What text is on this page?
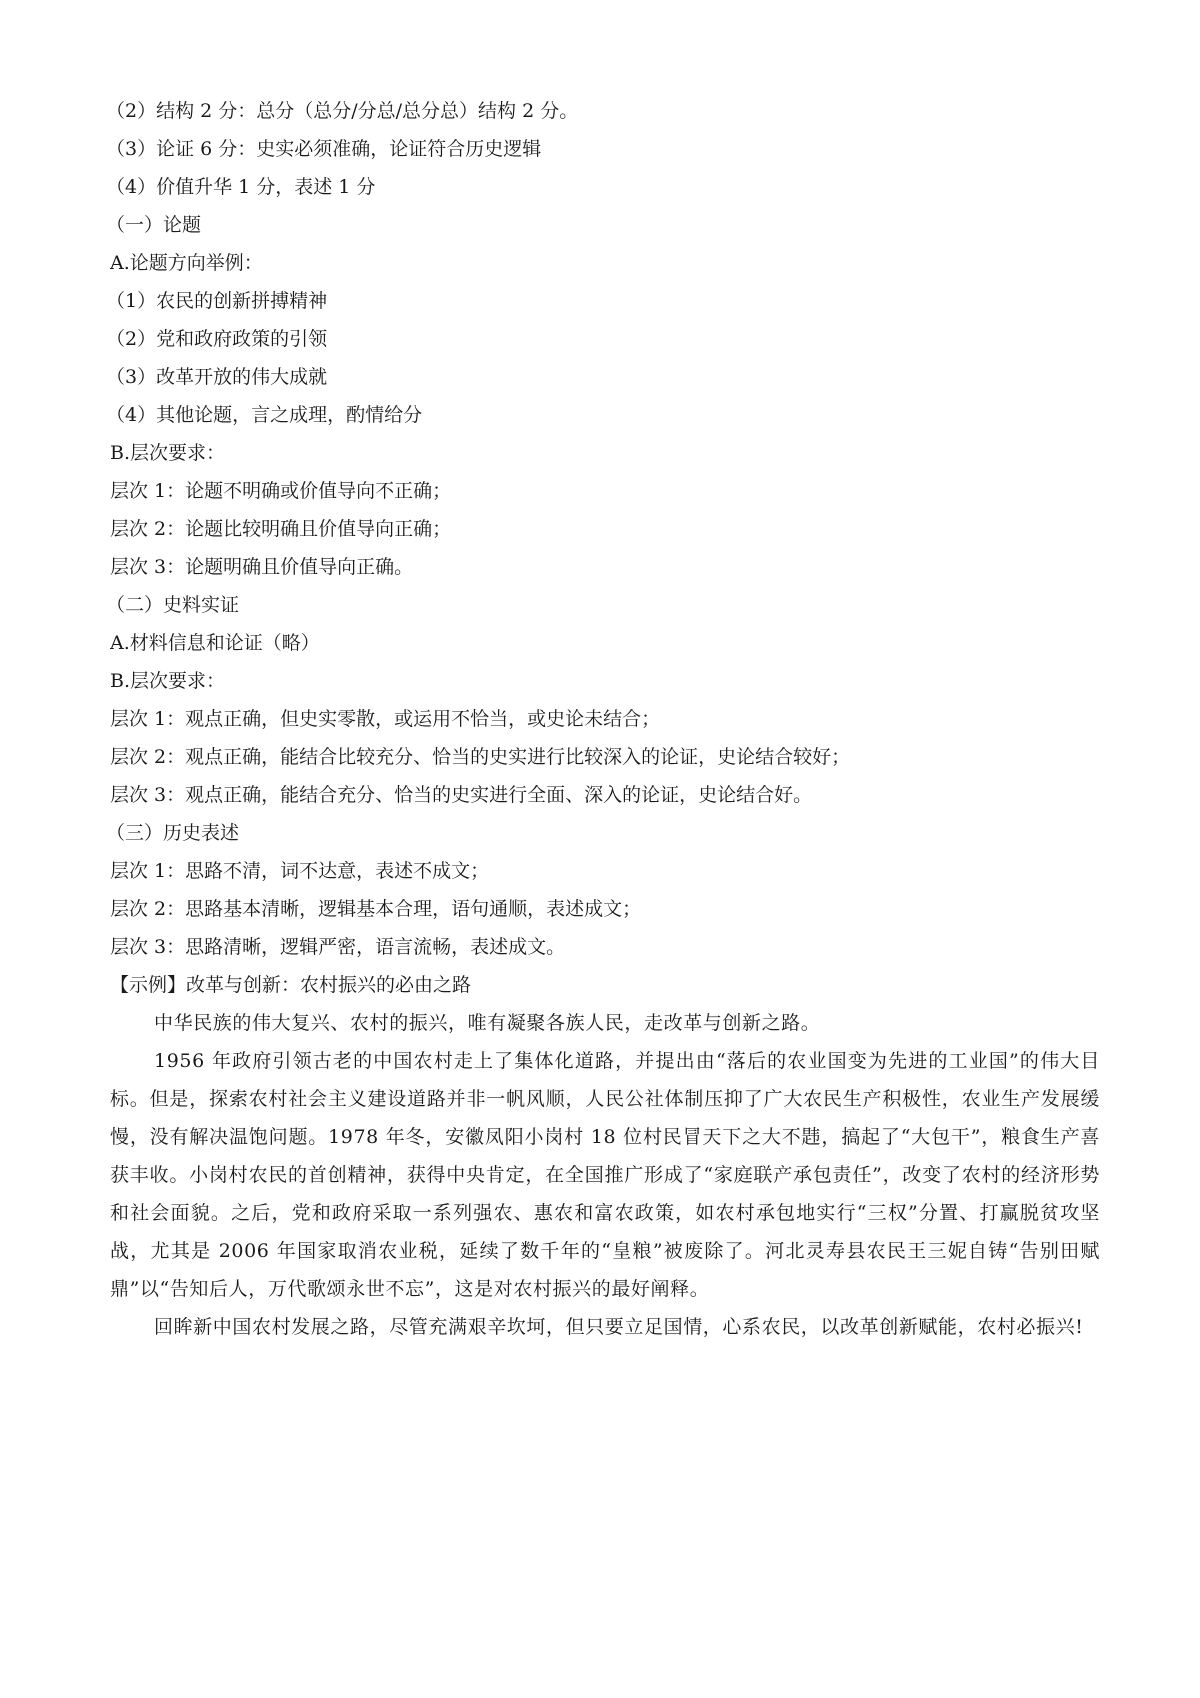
（2）结构 2 分：总分（总分/分总/总分总）结构 2 分。
（3）论证 6 分：史实必须准确，论证符合历史逻辑
（4）价值升华 1 分，表述 1 分
（一）论题
A.论题方向举例：
（1）农民的创新拼搏精神
（2）党和政府政策的引领
（3）改革开放的伟大成就
（4）其他论题，言之成理，酌情给分
B.层次要求：
层次 1：论题不明确或价值导向不正确；
层次 2：论题比较明确且价值导向正确；
层次 3：论题明确且价值导向正确。
（二）史料实证
A.材料信息和论证（略）
B.层次要求：
层次 1：观点正确，但史实零散，或运用不恰当，或史论未结合；
层次 2：观点正确，能结合比较充分、恰当的史实进行比较深入的论证，史论结合较好；
层次 3：观点正确，能结合充分、恰当的史实进行全面、深入的论证，史论结合好。
（三）历史表述
层次 1：思路不清，词不达意，表述不成文；
层次 2：思路基本清晰，逻辑基本合理，语句通顺，表述成文；
层次 3：思路清晰，逻辑严密，语言流畅，表述成文。
【示例】改革与创新：农村振兴的必由之路

中华民族的伟大复兴、农村的振兴，唯有凝聚各族人民，走改革与创新之路。

1956 年政府引领古老的中国农村走上了集体化道路，并提出由“落后的农业国变为先进的工业国”的伟大目标。但是，探索农村社会主义建设道路并非一帆风顺，人民公社体制压抑了广大农民生产积极性，农业生产发展缓慢，没有解决温饱问题。1978 年冬，安徽凤阳小岗村 18 位村民冒天下之大不韪，搞起了“大包干”，粮食生产喜获丰收。小岗村农民的首创精神，获得中央肯定，在全国推广形成了“家庭联产承包责任”，改变了农村的经济形势和社会面貌。之后，党和政府采取一系列强农、惠农和富农政策，如农村承包地实行“三权”分置、打赢脱贫攻坚战，尤其是 2006 年国家取消农业税，延续了数千年的“皇粮”被废除了。河北灵寿县农民王三妮自铸“告别田赋鼎”以“告知后人，万代歌颂永世不忘”，这是对农村振兴的最好阐释。

回眸新中国农村发展之路，尽管充满艰辛坎坷，但只要立足国情，心系农民，以改革创新赋能，农村必振兴!
